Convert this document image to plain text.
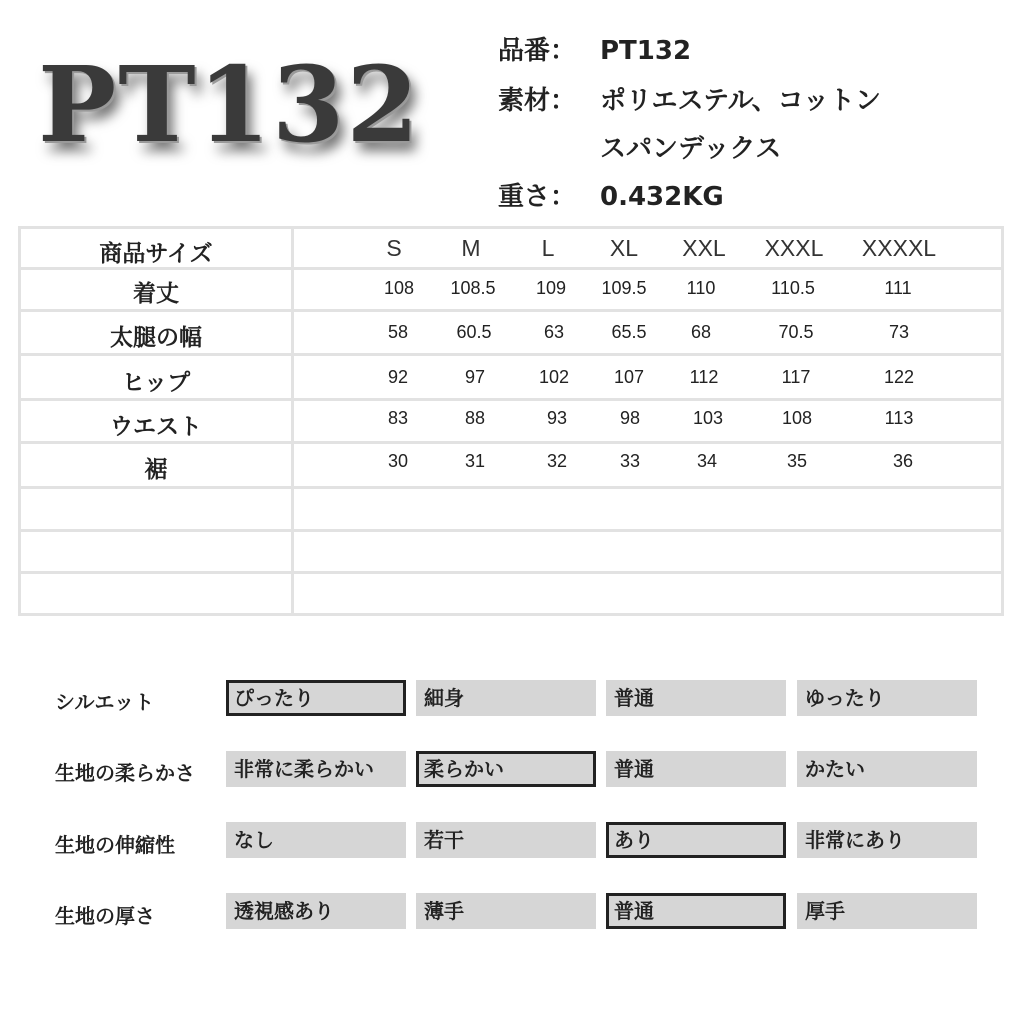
PT132	品番： PT132
素材： ポリエステル、コットン
スパンデックス
重さ： 0.432KG
商品サイズ	S	M	L	XL	XXL	XXXL	XXXXL
着丈	108	108.5	109	109.5	110	110.5	111
太腿の幅	58	60.5	63	65.5	68	70.5	73
ヒップ	92	97	102	107	112	117	122
ウエスト	83	88	93	98	103	108	113
裾	30	31	32	33	34	35	36
シルエット	ぴったり	細身	普通	ゆったり
生地の柔らかさ	非常に柔らかい	柔らかい	普通	かたい
生地の伸縮性	なし	若干	あり	非常にあり
生地の厚さ	透視感あり	薄手	普通	厚手
